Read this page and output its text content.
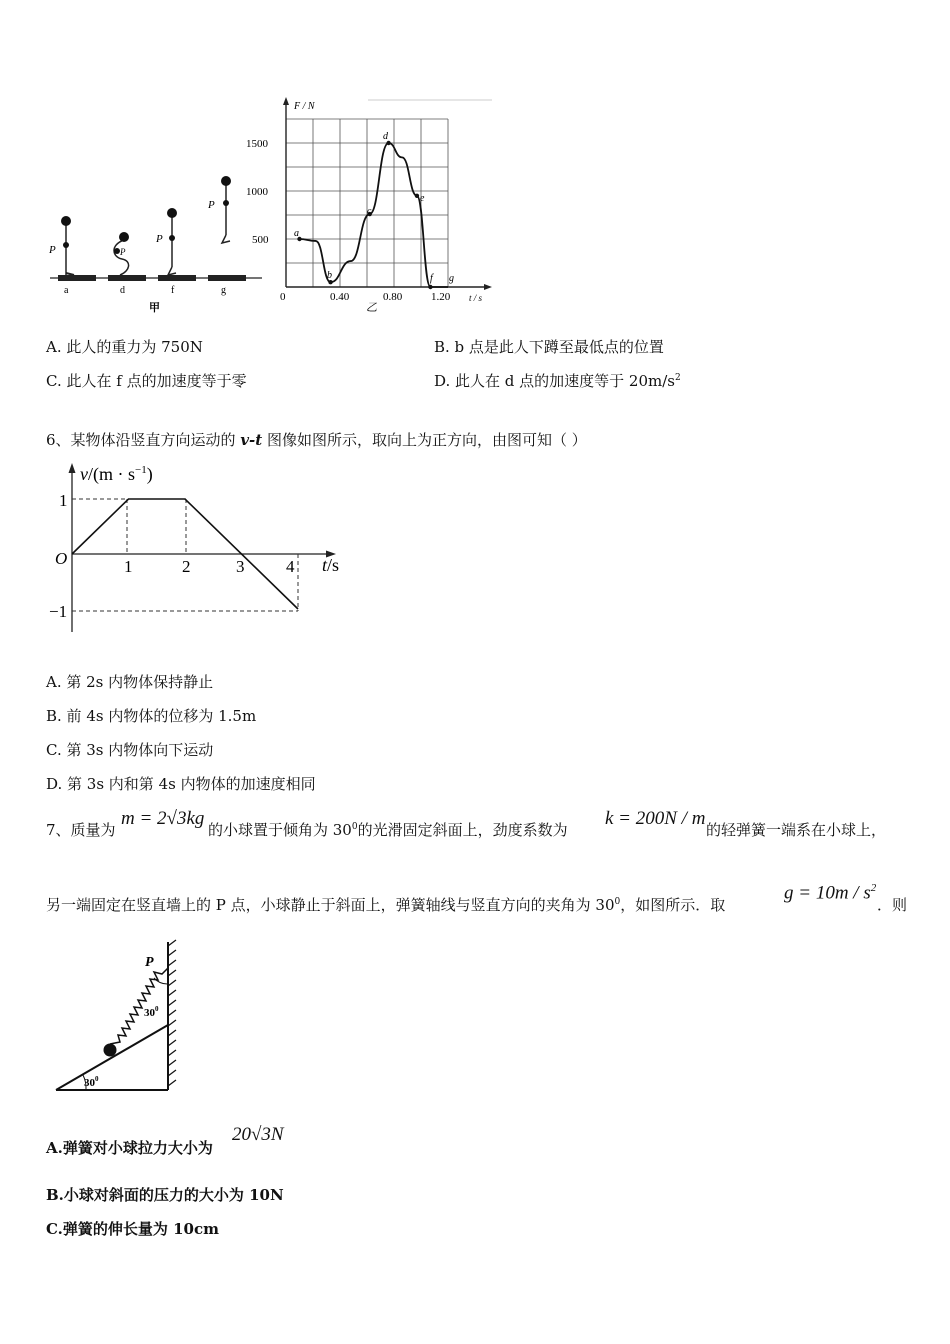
P	P
P
P
a	d	f	g
甲
F / N
t / s
500
1000
1500
0	0.40	0.80	1.20
乙
a
b
c
d
e
f g
A. 此人的重力为 750N	B. b 点是此人下蹲至最低点的位置
C. 此人在 f 点的加速度等于零	D. 此人在 d 点的加速度等于 $20m/s^2$
6、某物体沿竖直方向运动的 v-t 图像如图所示，取向上为正方向，由图可知（ ）
$v/(m \cdot s^{-1})$
t/s
O
1
−1
1	2	3 4
A. 第 2s 内物体保持静止
B. 前 4s 内物体的位移为 1.5m
C. 第 3s 内物体向下运动
D. 第 3s 内和第 4s 内物体的加速度相同
7、质量为
m = 2√3kg
的小球置于倾角为 $30^0$的光滑固定斜面上，劲度系数为
k = 200N / m
的轻弹簧一端系在小球上，
另一端固定在竖直墙上的 P 点，小球静止于斜面上，弹簧轴线与竖直方向的夹角为 $30^0$，如图所示．取
$g = 10m / s^2$
．则
P
$30^0$
$30^0$
A.弹簧对小球拉力大小为
20√3N
B.小球对斜面的压力的大小为 10N
C.弹簧的伸长量为 10cm
